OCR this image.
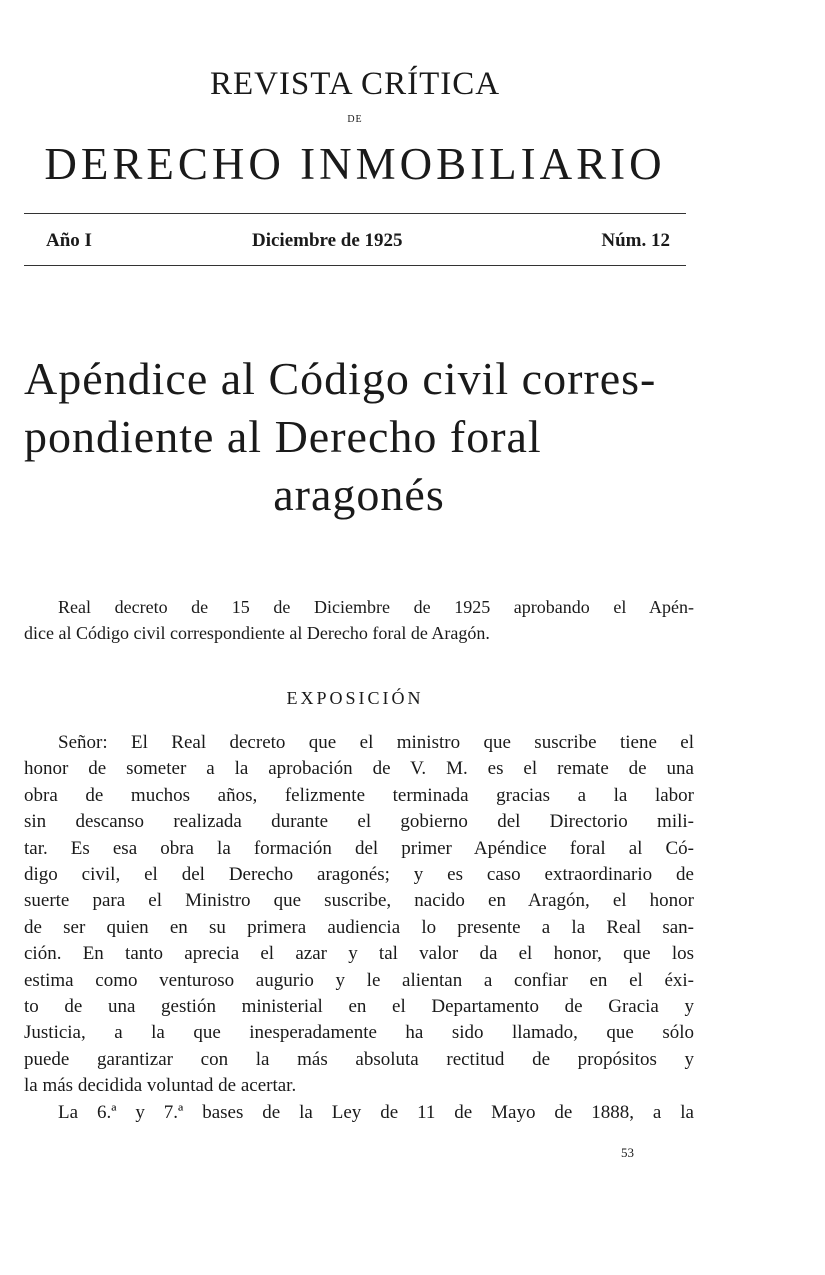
REVISTA CRÍTICA
DE
DERECHO INMOBILIARIO
Año I	Diciembre de 1925	Núm. 12
Apéndice al Código civil corres-
pondiente al Derecho foral
aragonés
Real decreto de 15 de Diciembre de 1925 aprobando el Apén-
dice al Código civil correspondiente al Derecho foral de Aragón.
EXPOSICIÓN
Señor: El Real decreto que el ministro que suscribe tiene el
honor de someter a la aprobación de V. M. es el remate de una
obra de muchos años, felizmente terminada gracias a la labor
sin descanso realizada durante el gobierno del Directorio mili-
tar. Es esa obra la formación del primer Apéndice foral al Có-
digo civil, el del Derecho aragonés; y es caso extraordinario de
suerte para el Ministro que suscribe, nacido en Aragón, el honor
de ser quien en su primera audiencia lo presente a la Real san-
ción. En tanto aprecia el azar y tal valor da el honor, que los
estima como venturoso augurio y le alientan a confiar en el éxi-
to de una gestión ministerial en el Departamento de Gracia y
Justicia, a la que inesperadamente ha sido llamado, que sólo
puede garantizar con la más absoluta rectitud de propósitos y
la más decidida voluntad de acertar.
La 6.ª y 7.ª bases de la Ley de 11 de Mayo de 1888, a la
53
